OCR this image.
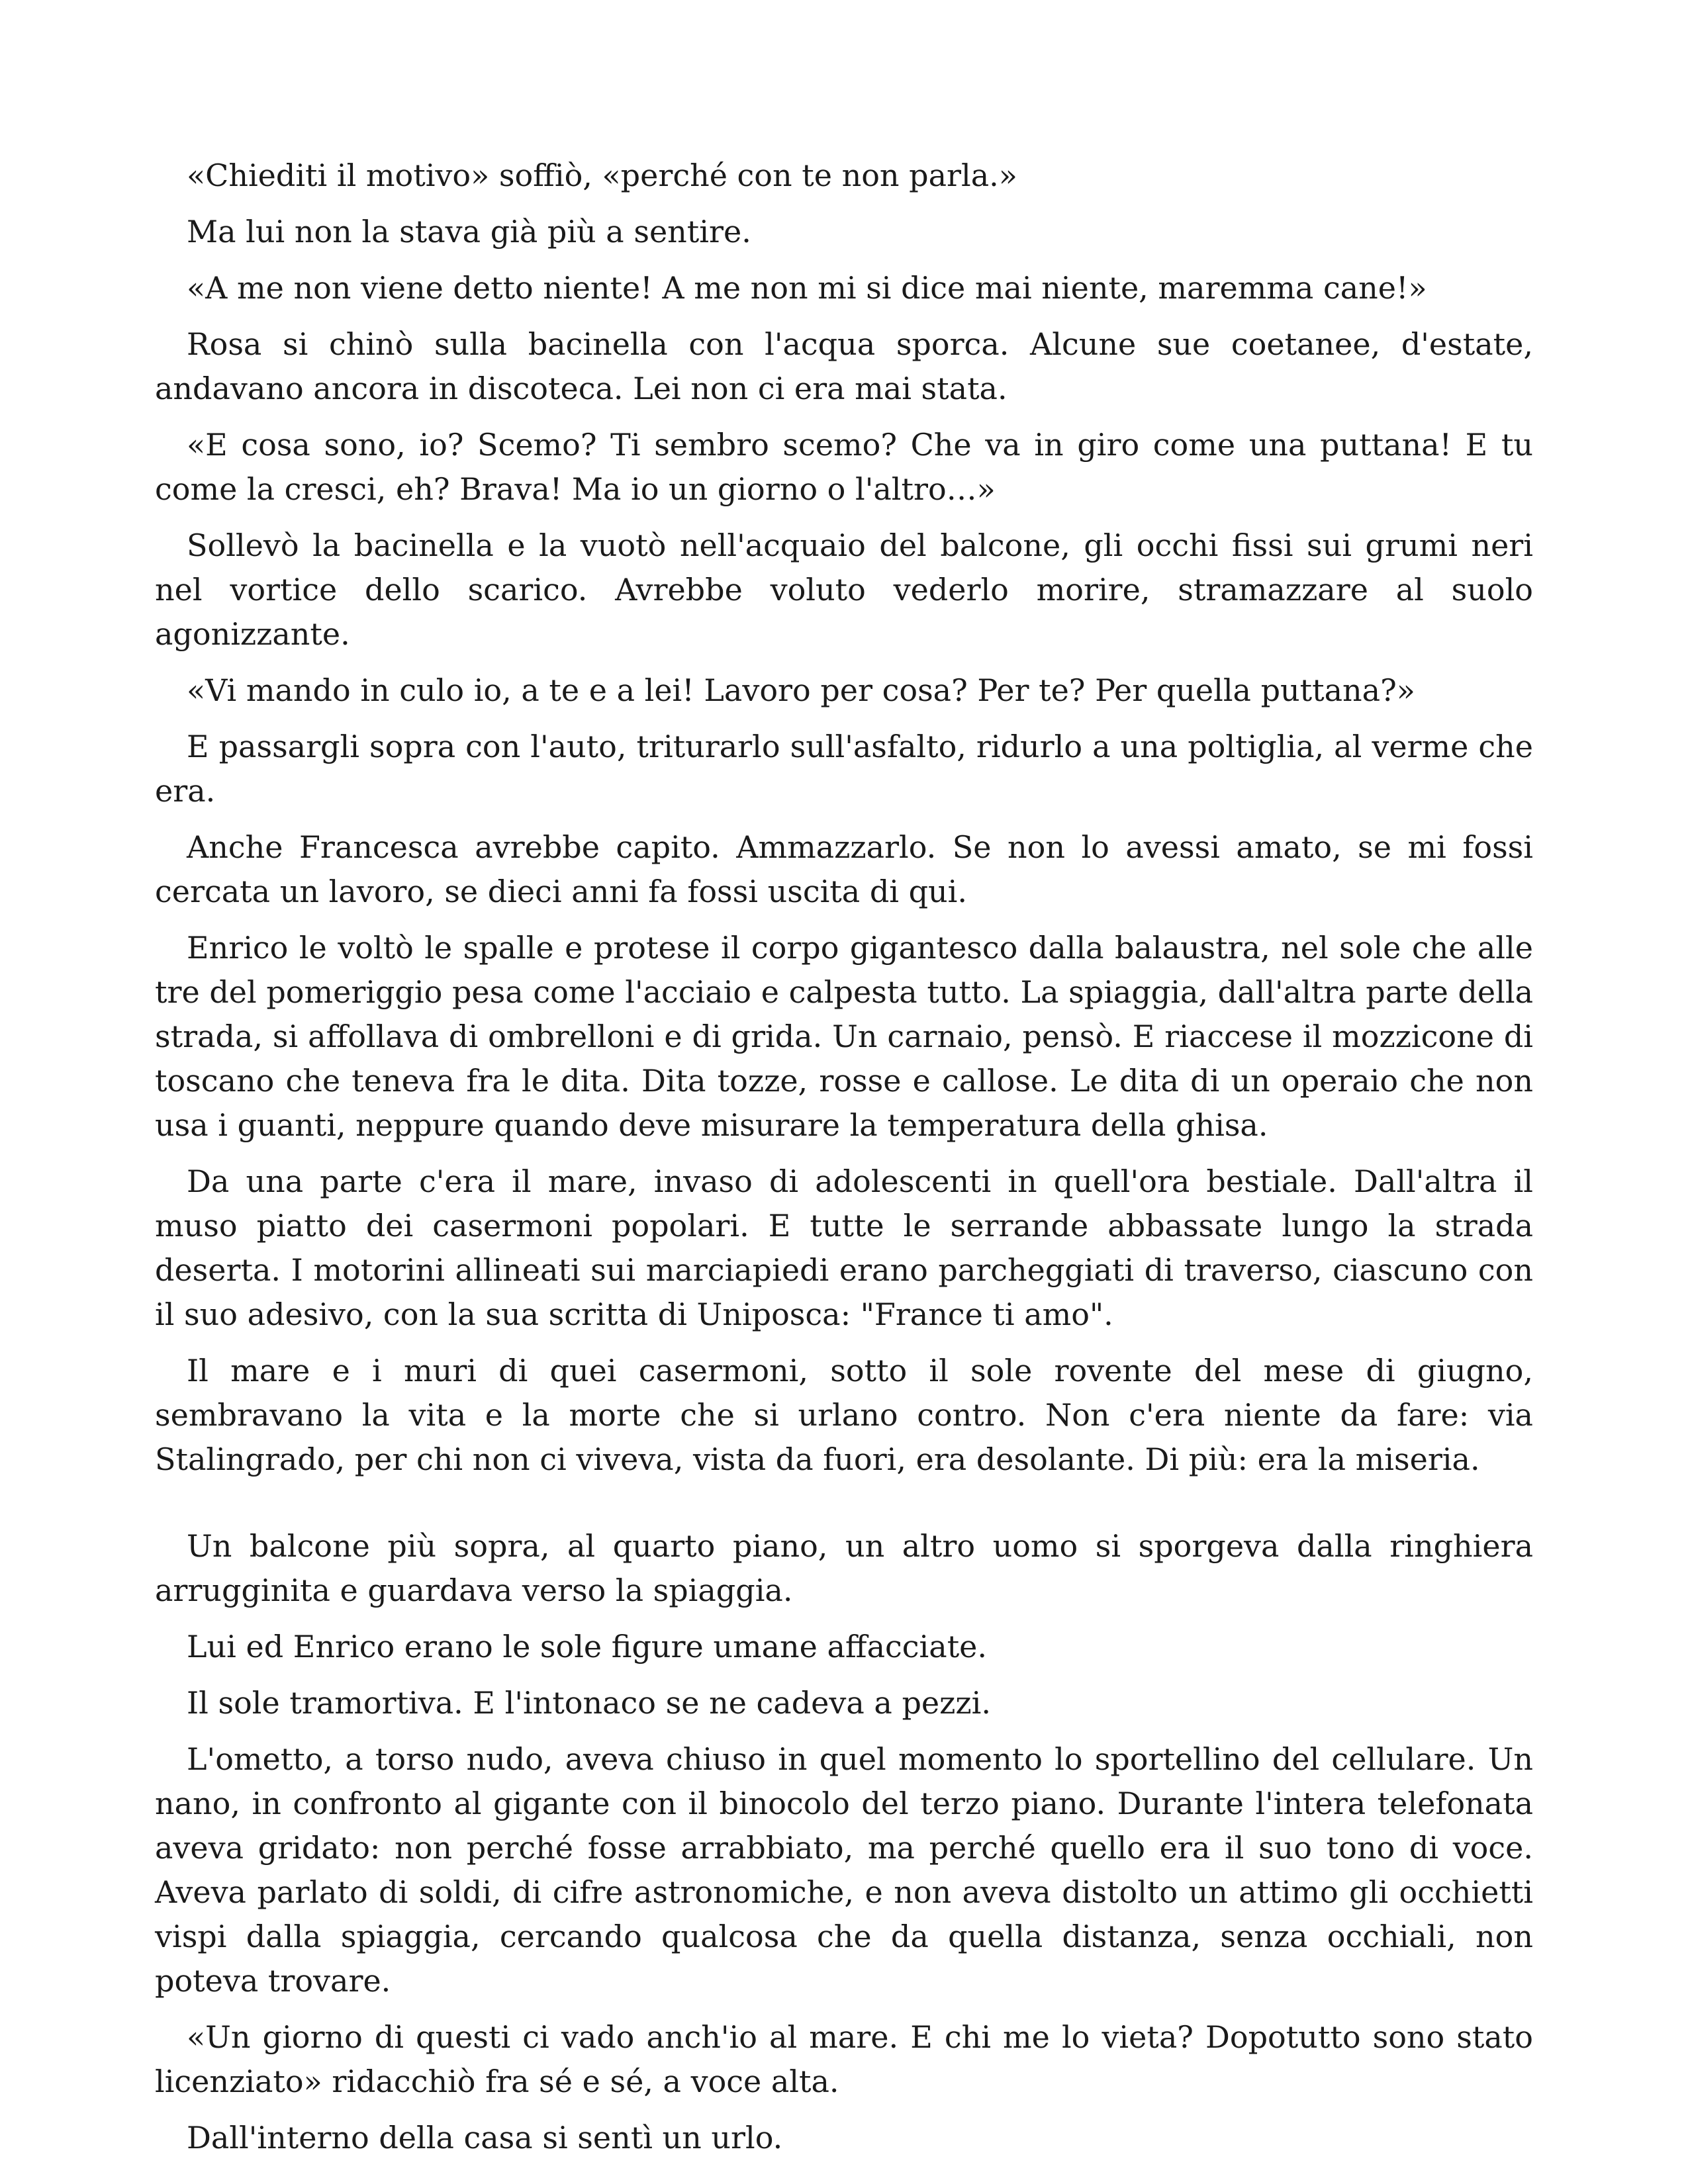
«Chiediti il motivo» soffiò, «perché con te non parla.»

Ma lui non la stava già più a sentire.

«A me non viene detto niente! A me non mi si dice mai niente, maremma cane!»

Rosa si chinò sulla bacinella con l'acqua sporca. Alcune sue coetanee, d'estate, andavano ancora in discoteca. Lei non ci era mai stata.

«E cosa sono, io? Scemo? Ti sembro scemo? Che va in giro come una puttana! E tu come la cresci, eh? Brava! Ma io un giorno o l'altro…»

Sollevò la bacinella e la vuotò nell'acquaio del balcone, gli occhi fissi sui grumi neri nel vortice dello scarico. Avrebbe voluto vederlo morire, stramazzare al suolo agonizzante.

«Vi mando in culo io, a te e a lei! Lavoro per cosa? Per te? Per quella puttana?»

E passargli sopra con l'auto, triturarlo sull'asfalto, ridurlo a una poltiglia, al verme che era.

Anche Francesca avrebbe capito. Ammazzarlo. Se non lo avessi amato, se mi fossi cercata un lavoro, se dieci anni fa fossi uscita di qui.

Enrico le voltò le spalle e protese il corpo gigantesco dalla balaustra, nel sole che alle tre del pomeriggio pesa come l'acciaio e calpesta tutto. La spiaggia, dall'altra parte della strada, si affollava di ombrelloni e di grida. Un carnaio, pensò. E riaccese il mozzicone di toscano che teneva fra le dita. Dita tozze, rosse e callose. Le dita di un operaio che non usa i guanti, neppure quando deve misurare la temperatura della ghisa.

Da una parte c'era il mare, invaso di adolescenti in quell'ora bestiale. Dall'altra il muso piatto dei casermoni popolari. E tutte le serrande abbassate lungo la strada deserta. I motorini allineati sui marciapiedi erano parcheggiati di traverso, ciascuno con il suo adesivo, con la sua scritta di Uniposca: "France ti amo".

Il mare e i muri di quei casermoni, sotto il sole rovente del mese di giugno, sembravano la vita e la morte che si urlano contro. Non c'era niente da fare: via Stalingrado, per chi non ci viveva, vista da fuori, era desolante. Di più: era la miseria.

Un balcone più sopra, al quarto piano, un altro uomo si sporgeva dalla ringhiera arrugginita e guardava verso la spiaggia.

Lui ed Enrico erano le sole figure umane affacciate.

Il sole tramortiva. E l'intonaco se ne cadeva a pezzi.

L'ometto, a torso nudo, aveva chiuso in quel momento lo sportellino del cellulare. Un nano, in confronto al gigante con il binocolo del terzo piano. Durante l'intera telefonata aveva gridato: non perché fosse arrabbiato, ma perché quello era il suo tono di voce. Aveva parlato di soldi, di cifre astronomiche, e non aveva distolto un attimo gli occhietti vispi dalla spiaggia, cercando qualcosa che da quella distanza, senza occhiali, non poteva trovare.

«Un giorno di questi ci vado anch'io al mare. E chi me lo vieta? Dopotutto sono stato licenziato» ridacchiò fra sé e sé, a voce alta.

Dall'interno della casa si sentì un urlo.
